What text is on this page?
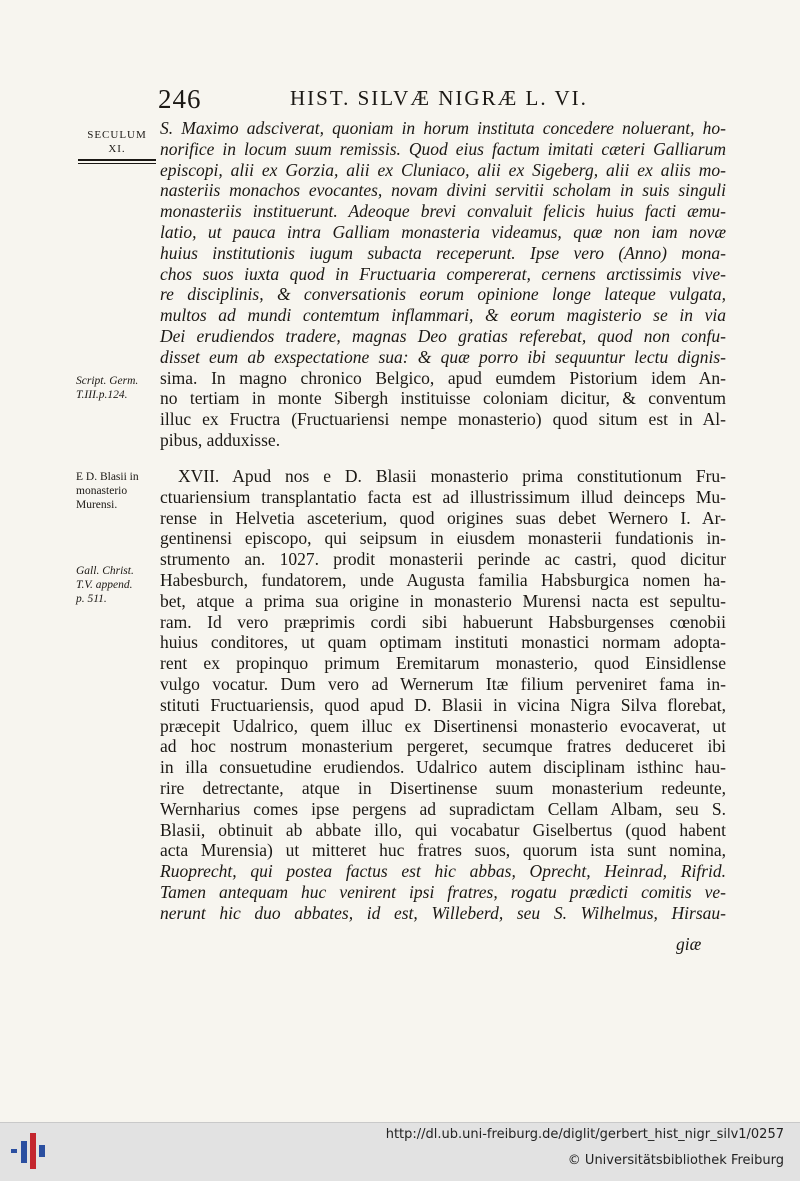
246	HIST. SILVÆ NIGRÆ L. VI.
SECULUM
XI.
Script. Germ.
T.III.p.124.
E D. Blasii in
monasterio
Murensi.
Gall. Christ.
T.V. append.
p. 511.
S. Maximo adsciverat, quoniam in horum instituta concedere noluerant, ho-
norifice in locum suum remissis. Quod eius factum imitati cæteri Galliarum
episcopi, alii ex Gorzia, alii ex Cluniaco, alii ex Sigeberg, alii ex aliis mo-
nasteriis monachos evocantes, novam divini servitii scholam in suis singuli
monasteriis instituerunt. Adeoque brevi convaluit felicis huius facti æmu-
latio, ut pauca intra Galliam monasteria videamus, quæ non iam novæ
huius institutionis iugum subacta receperunt. Ipse vero (Anno) mona-
chos suos iuxta quod in Fructuaria compererat, cernens arctissimis vive-
re disciplinis, & conversationis eorum opinione longe lateque vulgata,
multos ad mundi contemtum inflammari, & eorum magisterio se in via
Dei erudiendos tradere, magnas Deo gratias referebat, quod non confu-
disset eum ab exspectatione sua: & quæ porro ibi sequuntur lectu dignis-
sima. In magno chronico Belgico, apud eumdem Pistorium idem An-
no tertiam in monte Sibergh instituisse coloniam dicitur, & conventum
illuc ex Fructra (Fructuariensi nempe monasterio) quod situm est in Al-
pibus, adduxisse.
XVII. Apud nos e D. Blasii monasterio prima constitutionum Fru-
ctuariensium transplantatio facta est ad illustrissimum illud deinceps Mu-
rense in Helvetia asceterium, quod origines suas debet Wernero I. Ar-
gentinensi episcopo, qui seipsum in eiusdem monasterii fundationis in-
strumento an. 1027. prodit monasterii perinde ac castri, quod dicitur
Habesburch, fundatorem, unde Augusta familia Habsburgica nomen ha-
bet, atque a prima sua origine in monasterio Murensi nacta est sepultu-
ram. Id vero præprimis cordi sibi habuerunt Habsburgenses cœnobii
huius conditores, ut quam optimam instituti monastici normam adopta-
rent ex propinquo primum Eremitarum monasterio, quod Einsidlense
vulgo vocatur. Dum vero ad Wernerum Itæ filium perveniret fama in-
stituti Fructuariensis, quod apud D. Blasii in vicina Nigra Silva florebat,
præcepit Udalrico, quem illuc ex Disertinensi monasterio evocaverat, ut
ad hoc nostrum monasterium pergeret, secumque fratres deduceret ibi
in illa consuetudine erudiendos. Udalrico autem disciplinam isthinc hau-
rire detrectante, atque in Disertinense suum monasterium redeunte,
Wernharius comes ipse pergens ad supradictam Cellam Albam, seu S.
Blasii, obtinuit ab abbate illo, qui vocabatur Giselbertus (quod habent
acta Murensia) ut mitteret huc fratres suos, quorum ista sunt nomina,
Ruoprecht, qui postea factus est hic abbas, Oprecht, Heinrad, Rifrid.
Tamen antequam huc venirent ipsi fratres, rogatu prædicti comitis ve-
nerunt hic duo abbates, id est, Willeberd, seu S. Wilhelmus, Hirsau-
giæ
http://dl.ub.uni-freiburg.de/diglit/gerbert_hist_nigr_silv1/0257
© Universitätsbibliothek Freiburg
